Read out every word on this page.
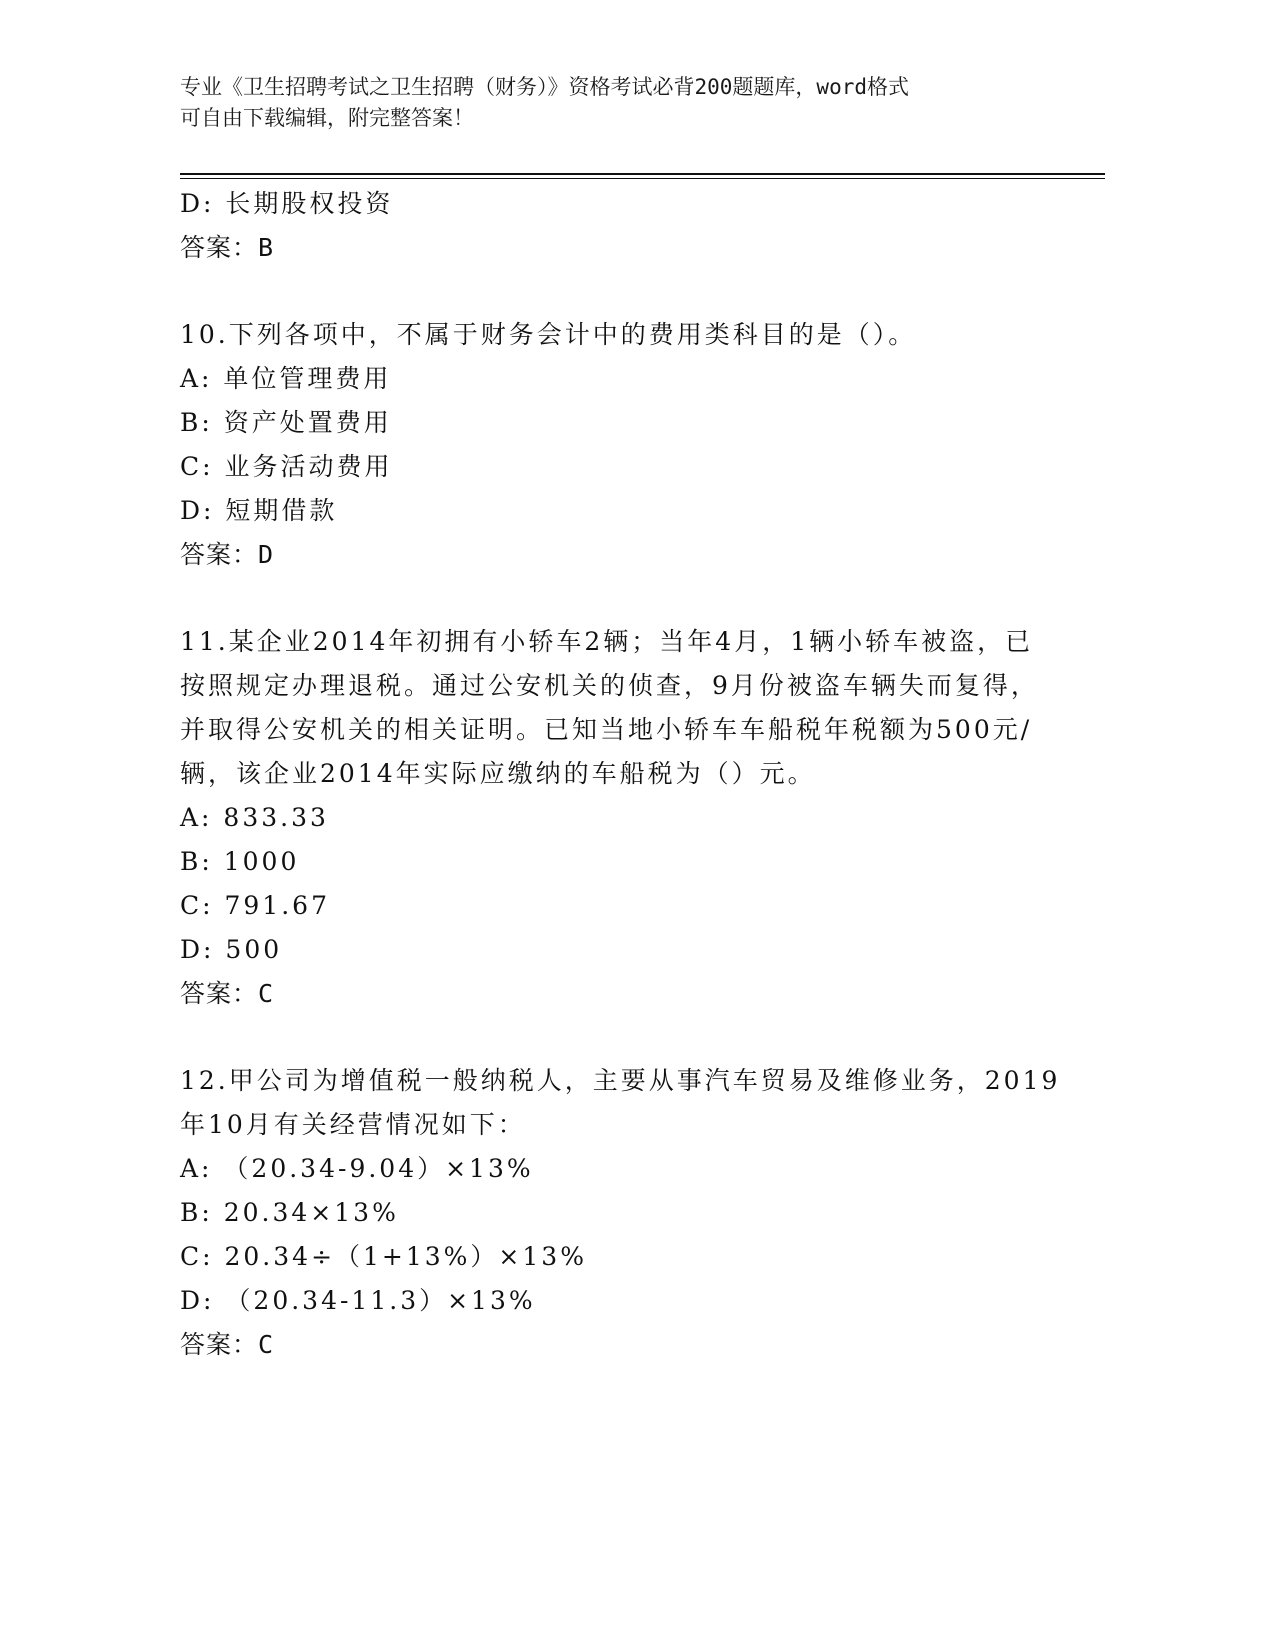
专业《卫生招聘考试之卫生招聘（财务）》资格考试必背200题题库，word格式
可自由下载编辑，附完整答案！
D: 长期股权投资
答案：B
10.下列各项中，不属于财务会计中的费用类科目的是（）。
A: 单位管理费用
B: 资产处置费用
C: 业务活动费用
D: 短期借款
答案：D
11.某企业2014年初拥有小轿车2辆；当年4月，1辆小轿车被盗，已
按照规定办理退税。通过公安机关的侦查，9月份被盗车辆失而复得，
并取得公安机关的相关证明。已知当地小轿车车船税年税额为500元/
辆，该企业2014年实际应缴纳的车船税为（）元。
A: 833.33
B: 1000
C: 791.67
D: 500
答案：C
12.甲公司为增值税一般纳税人，主要从事汽车贸易及维修业务，2019
年10月有关经营情况如下：
A: （20.34-9.04）×13%
B: 20.34×13%
C: 20.34÷（1+13%）×13%
D: （20.34-11.3）×13%
答案：C
